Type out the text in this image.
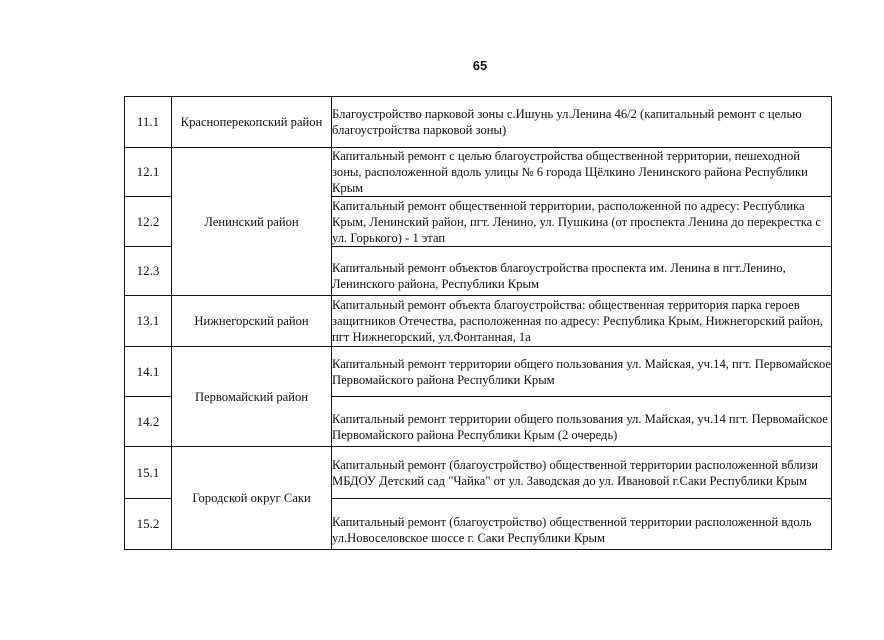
65
11.1	Красноперекопский район	Благоустройство парковой зоны с.Ишунь ул.Ленина 46/2 (капитальный ремонт с целью благоустройства парковой зоны)
12.1	Ленинский район	Капитальный ремонт с целью благоустройства общественной территории, пешеходной зоны, расположенной вдоль улицы № 6 города Щёлкино Ленинского района Республики Крым
12.2		Капитальный ремонт общественной территории, расположенной по адресу: Республика Крым, Ленинский район, пгт. Ленино, ул. Пушкина (от проспекта Ленина до перекрестка с ул. Горького) - 1 этап
12.3		Капитальный ремонт объектов благоустройства проспекта им. Ленина в пгт.Ленино, Ленинского района, Республики Крым
13.1	Нижнегорский район	Капитальный ремонт объекта благоустройства: общественная территория парка героев защитников Отечества, расположенная по адресу: Республика Крым, Нижнегорский район, пгт Нижнегорский, ул.Фонтанная, 1а
14.1	Первомайский район	Капитальный ремонт территории общего пользования ул. Майская, уч.14, пгт. Первомайское Первомайского района Республики Крым
14.2		Капитальный ремонт территории общего пользования ул. Майская, уч.14 пгт. Первомайское Первомайского района Республики Крым (2 очередь)
15.1	Городской округ Саки	Капитальный ремонт (благоустройство) общественной территории расположенной вблизи МБДОУ Детский сад "Чайка" от ул. Заводская до ул. Ивановой г.Саки Республики Крым
15.2		Капитальный ремонт (благоустройство) общественной территории расположенной вдоль ул.Новоселовское шоссе г. Саки Республики Крым
